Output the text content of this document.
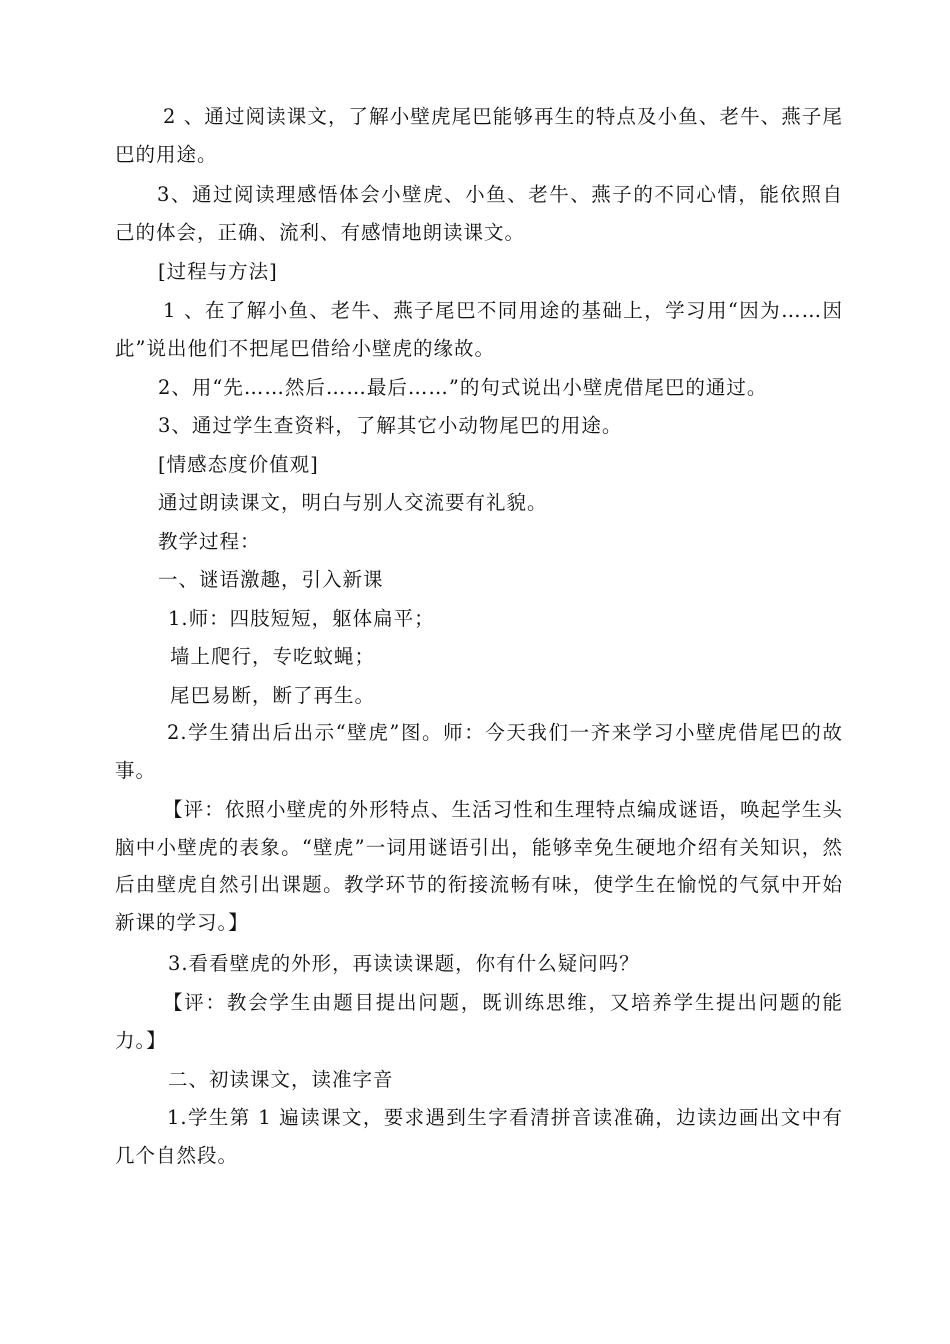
2 、通过阅读课文，了解小壁虎尾巴能够再生的特点及小鱼、老牛、燕子尾巴的用途。

3、通过阅读理感悟体会小壁虎、小鱼、老牛、燕子的不同心情，能依照自己的体会，正确、流利、有感情地朗读课文。

[过程与方法]

1 、在了解小鱼、老牛、燕子尾巴不同用途的基础上，学习用“因为……因此”说出他们不把尾巴借给小壁虎的缘故。

2、用“先……然后……最后……”的句式说出小壁虎借尾巴的通过。
3、通过学生查资料，了解其它小动物尾巴的用途。
[情感态度价值观]
通过朗读课文，明白与别人交流要有礼貌。
教学过程：
一、谜语激趣，引入新课
1.师：四肢短短，躯体扁平；
墙上爬行，专吃蚊蝇；
尾巴易断，断了再生。

2.学生猜出后出示“壁虎”图。师：今天我们一齐来学习小壁虎借尾巴的故事。

【评：依照小壁虎的外形特点、生活习性和生理特点编成谜语，唤起学生头脑中小壁虎的表象。“壁虎”一词用谜语引出，能够幸免生硬地介绍有关知识，然后由壁虎自然引出课题。教学环节的衔接流畅有味，使学生在愉悦的气氛中开始新课的学习。】

3.看看壁虎的外形，再读读课题，你有什么疑问吗？

【评：教会学生由题目提出问题，既训练思维，又培养学生提出问题的能力。】

二、初读课文，读准字音

1.学生第 1 遍读课文，要求遇到生字看清拼音读准确，边读边画出文中有几个自然段。
